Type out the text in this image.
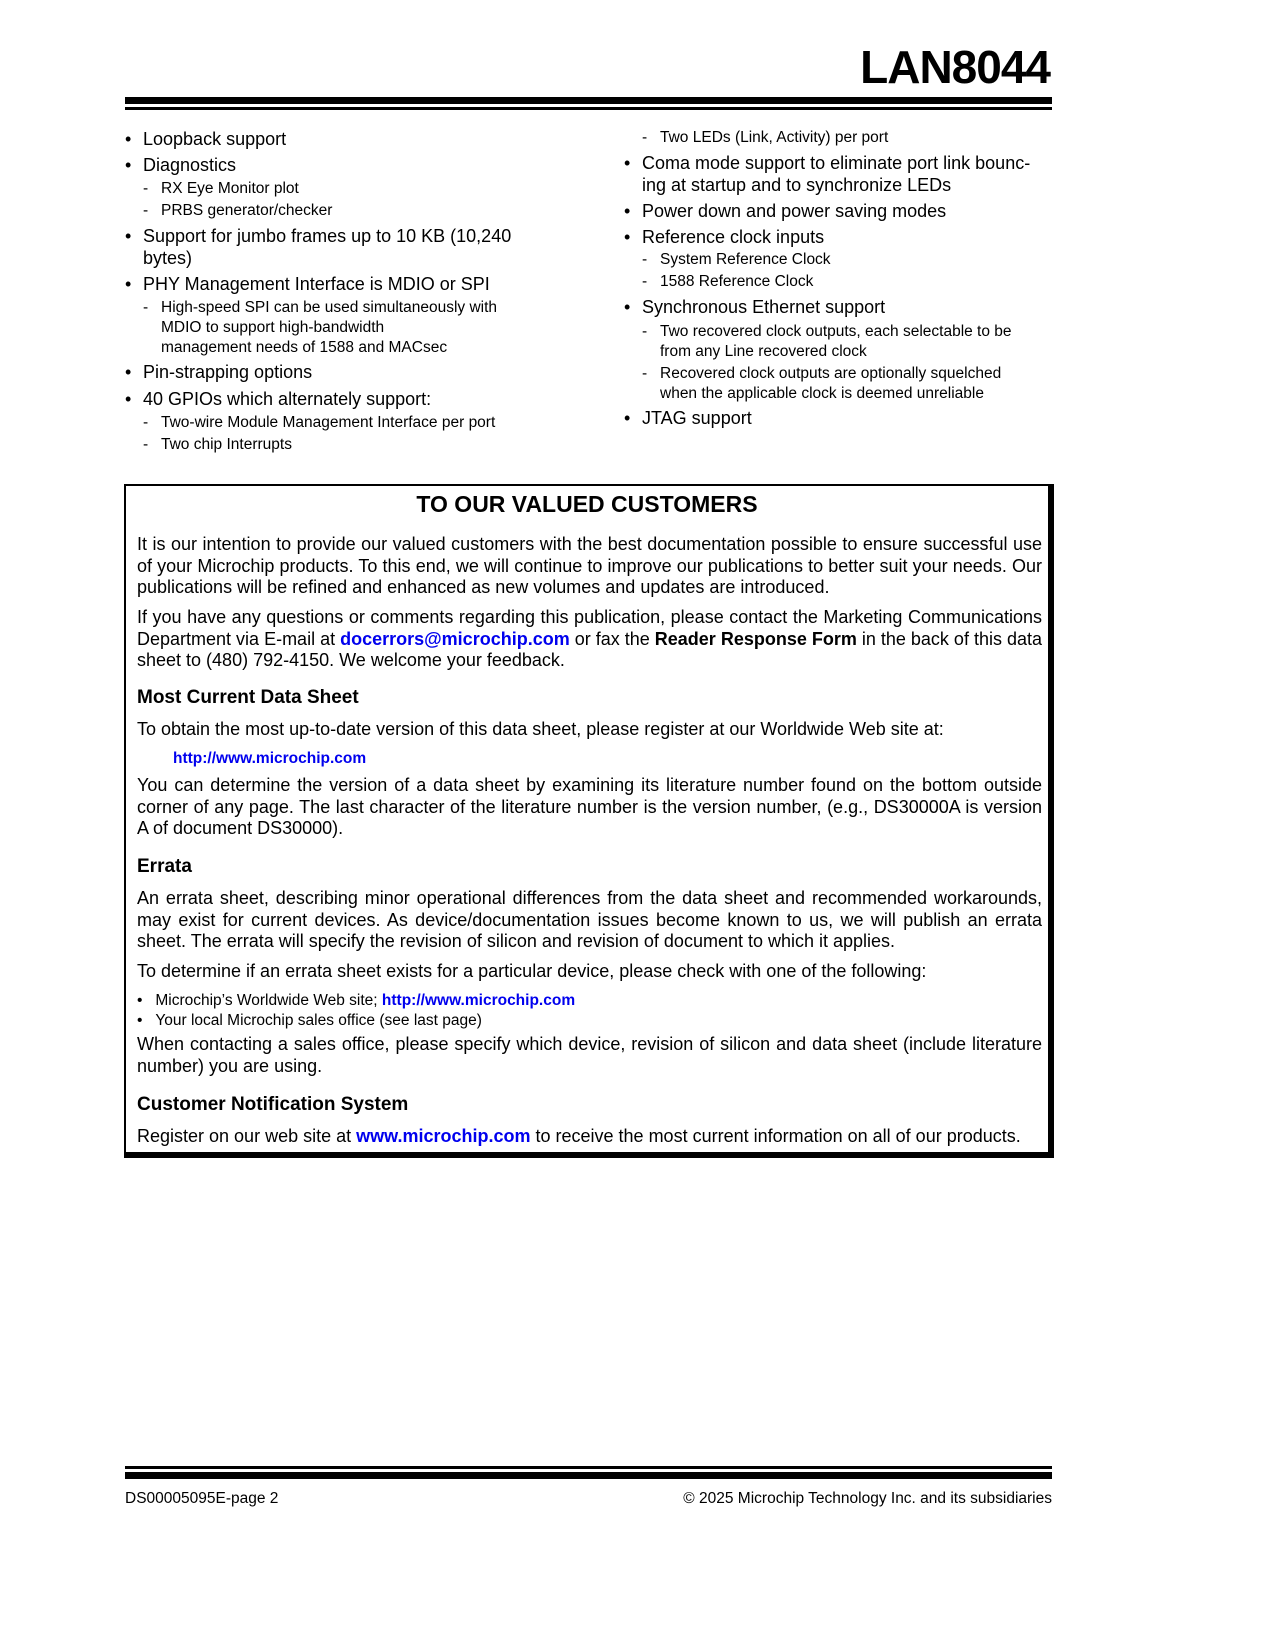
LAN8044
• Loopback support
• Diagnostics
- RX Eye Monitor plot
- PRBS generator/checker
• Support for jumbo frames up to 10 KB (10,240
bytes)
• PHY Management Interface is MDIO or SPI
- High-speed SPI can be used simultaneously with
MDIO to support high-bandwidth
management needs of 1588 and MACsec
• Pin-strapping options
• 40 GPIOs which alternately support:
- Two-wire Module Management Interface per port
- Two chip Interrupts
- Two LEDs (Link, Activity) per port
• Coma mode support to eliminate port link bounc-
ing at startup and to synchronize LEDs
• Power down and power saving modes
• Reference clock inputs
- System Reference Clock
- 1588 Reference Clock
• Synchronous Ethernet support
- Two recovered clock outputs, each selectable to be
from any Line recovered clock
- Recovered clock outputs are optionally squelched
when the applicable clock is deemed unreliable
• JTAG support
TO OUR VALUED CUSTOMERS
It is our intention to provide our valued customers with the best documentation possible to ensure successful use of your Microchip products. To this end, we will continue to improve our publications to better suit your needs. Our publications will be refined and enhanced as new volumes and updates are introduced.
If you have any questions or comments regarding this publication, please contact the Marketing Communications Department via E-mail at docerrors@microchip.com or fax the Reader Response Form in the back of this data sheet to (480) 792-4150. We welcome your feedback.
Most Current Data Sheet
To obtain the most up-to-date version of this data sheet, please register at our Worldwide Web site at:
http://www.microchip.com
You can determine the version of a data sheet by examining its literature number found on the bottom outside corner of any page. The last character of the literature number is the version number, (e.g., DS30000A is version A of document DS30000).
Errata
An errata sheet, describing minor operational differences from the data sheet and recommended workarounds, may exist for current devices. As device/documentation issues become known to us, we will publish an errata sheet. The errata will specify the revision of silicon and revision of document to which it applies.
To determine if an errata sheet exists for a particular device, please check with one of the following:
•   Microchip’s Worldwide Web site; http://www.microchip.com
•   Your local Microchip sales office (see last page)
When contacting a sales office, please specify which device, revision of silicon and data sheet (include literature number) you are using.
Customer Notification System
Register on our web site at www.microchip.com to receive the most current information on all of our products.
DS00005095E-page 2	© 2025 Microchip Technology Inc. and its subsidiaries
